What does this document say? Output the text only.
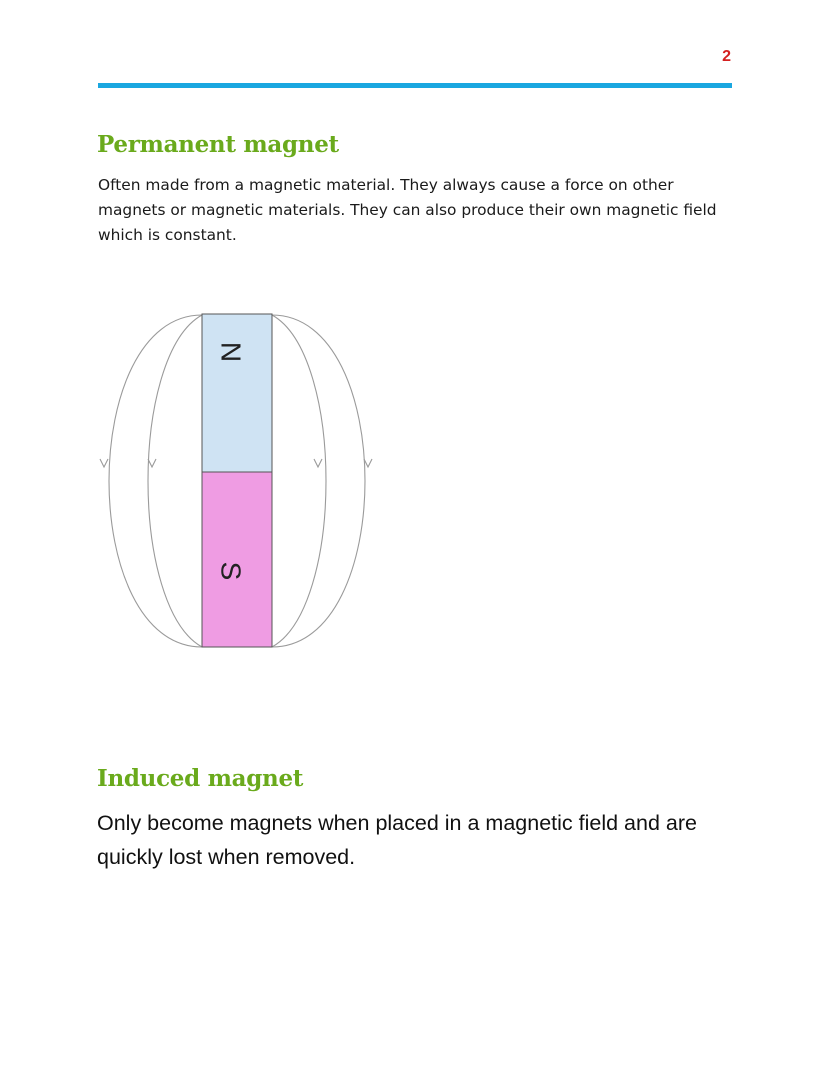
2
Permanent magnet

Often made from a magnetic material. They always cause a force on other magnets or magnetic materials. They can also produce their own magnetic field which is constant.

N
S
Induced magnet

Only become magnets when placed in a magnetic field and are quickly lost when removed.
